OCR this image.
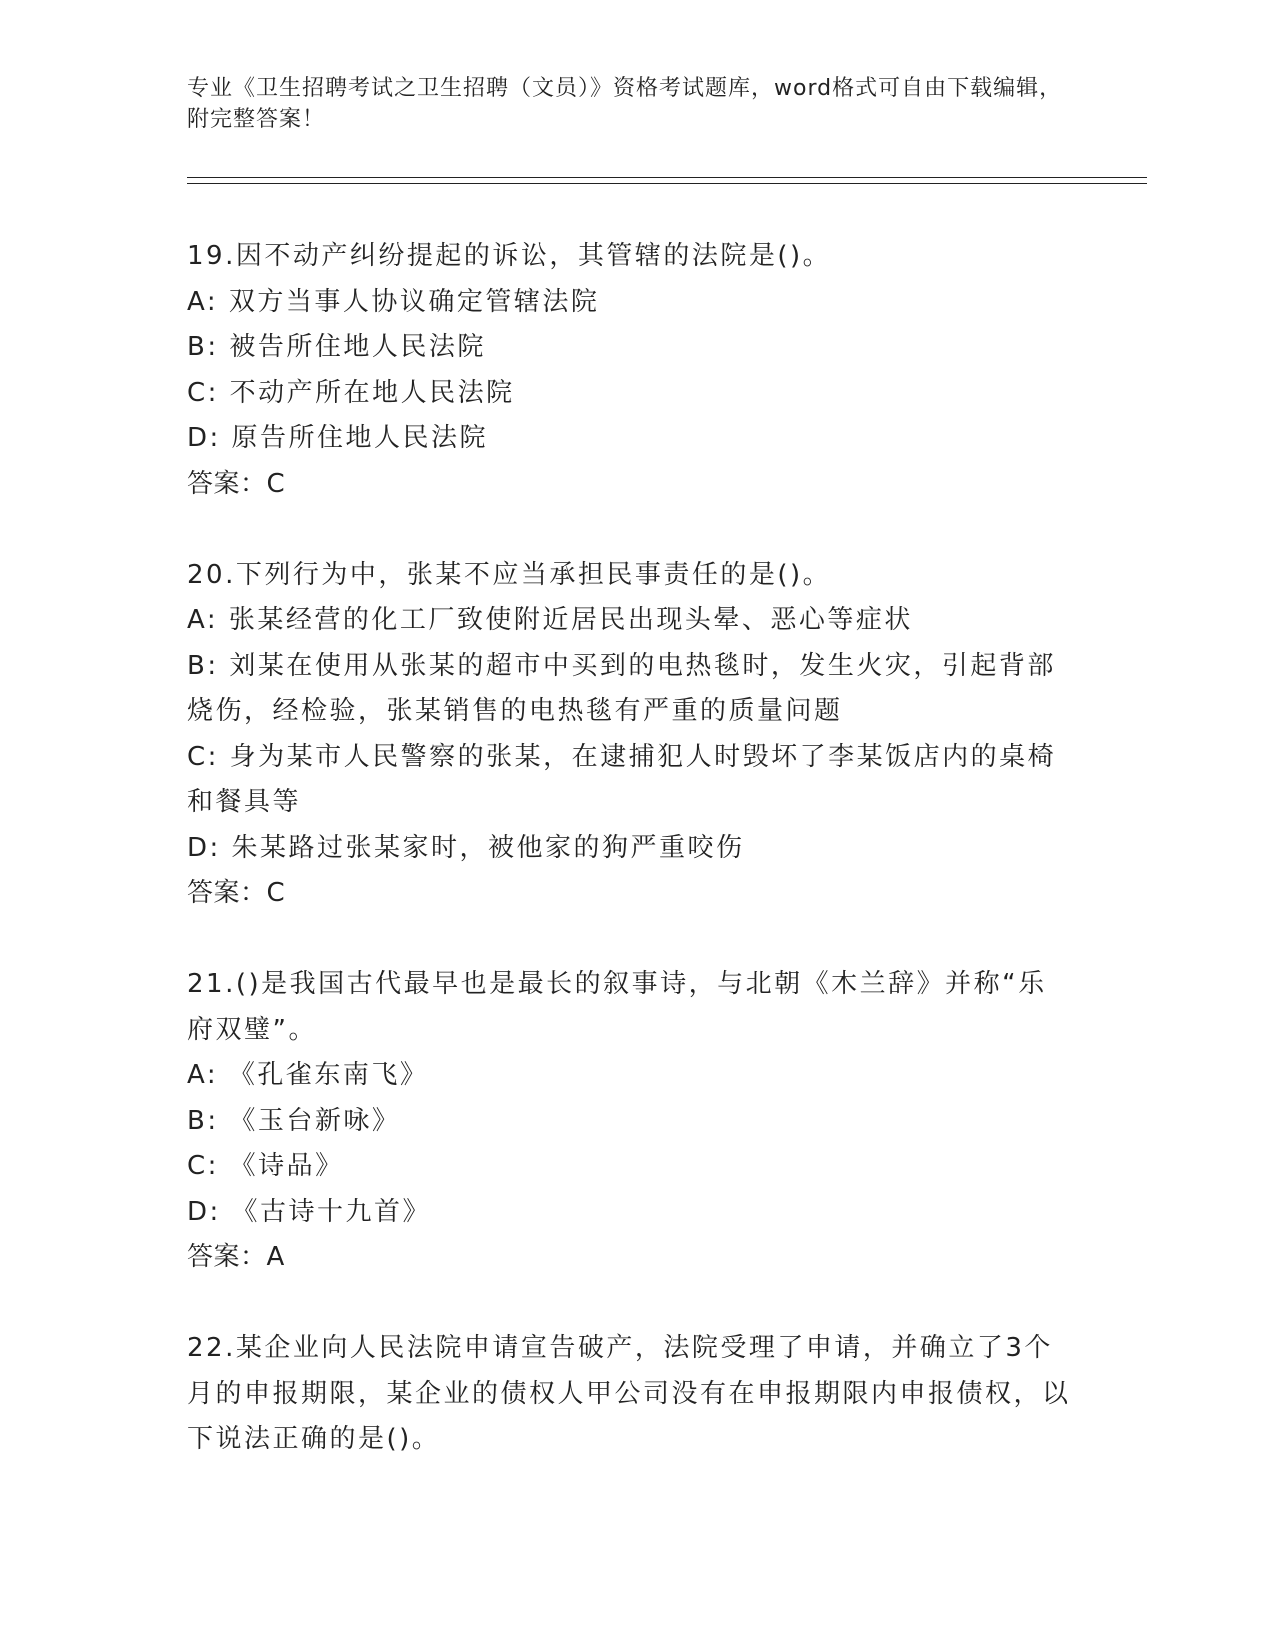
专业《卫生招聘考试之卫生招聘（文员）》资格考试题库，word格式可自由下载编辑，附完整答案！
19.因不动产纠纷提起的诉讼，其管辖的法院是()。
A: 双方当事人协议确定管辖法院
B: 被告所住地人民法院
C: 不动产所在地人民法院
D: 原告所住地人民法院
答案：C
20.下列行为中，张某不应当承担民事责任的是()。
A: 张某经营的化工厂致使附近居民出现头晕、恶心等症状
B: 刘某在使用从张某的超市中买到的电热毯时，发生火灾，引起背部烧伤，经检验，张某销售的电热毯有严重的质量问题
C: 身为某市人民警察的张某，在逮捕犯人时毁坏了李某饭店内的桌椅和餐具等
D: 朱某路过张某家时，被他家的狗严重咬伤
答案：C
21.()是我国古代最早也是最长的叙事诗，与北朝《木兰辞》并称“乐府双璧”。
A: 《孔雀东南飞》
B: 《玉台新咏》
C: 《诗品》
D: 《古诗十九首》
答案：A
22.某企业向人民法院申请宣告破产，法院受理了申请，并确立了3个月的申报期限，某企业的债权人甲公司没有在申报期限内申报债权，以下说法正确的是()。
